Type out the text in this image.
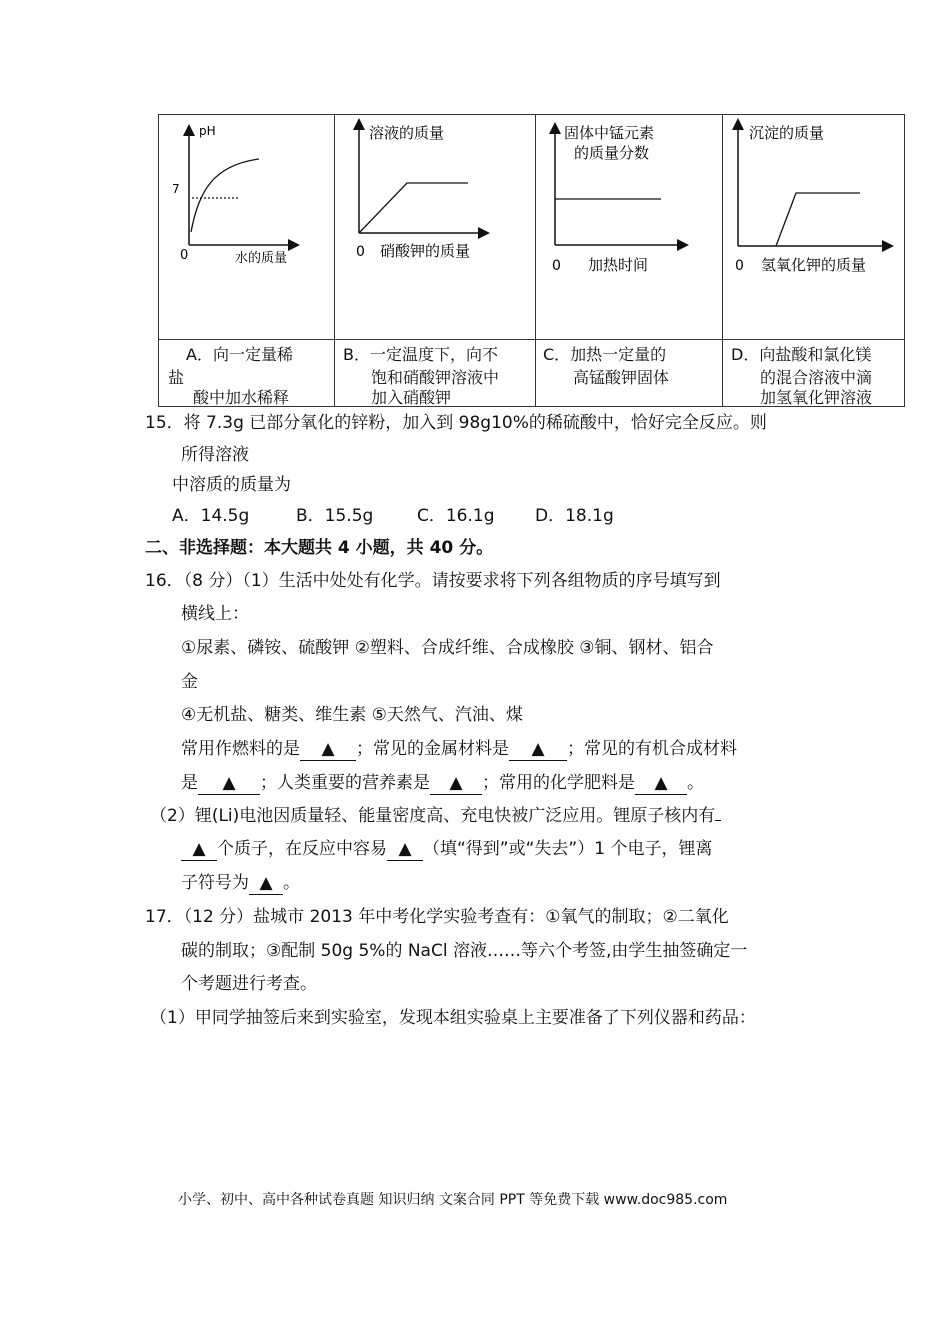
pH
7
0	水的质量
溶液的质量
0 硝酸钾的质量
固体中锰元素
的质量分数
0 加热时间
沉淀的质量
0 氢氧化钾的质量
A．向一定量稀
盐
酸中加水稀释
B．一定温度下，向不
饱和硝酸钾溶液中
加入硝酸钾
C．加热一定量的
高锰酸钾固体
D．向盐酸和氯化镁
的混合溶液中滴
加氢氧化钾溶液
15．将 7.3g 已部分氧化的锌粉，加入到 98g10%的稀硫酸中，恰好完全反应。则
所得溶液
中溶质的质量为
A．14.5g	B．15.5g	C．16.1g D．18.1g
二、非选择题：本大题共 4 小题，共 40 分。
16．（8 分）（1）生活中处处有化学。请按要求将下列各组物质的序号填写到
横线上：
①尿素、磷铵、硫酸钾 ②塑料、合成纤维、合成橡胶 ③铜、钢材、铝合
金
④无机盐、糖类、维生素 ⑤天然气、汽油、煤
常用作燃料的是 ▲ ；常见的金属材料是 ▲ ；常见的有机合成材料
是 ▲ ；人类重要的营养素是 ▲ ；常用的化学肥料是 ▲ 。
（2）锂(Li)电池因质量轻、能量密度高、充电快被广泛应用。锂原子核内有
▲ 个质子，在反应中容易 ▲ （填“得到”或“失去”）1 个电子，锂离
子符号为 ▲ 。
17．（12 分）盐城市 2013 年中考化学实验考查有：①氧气的制取；②二氧化
碳的制取；③配制 50g 5%的 NaCl 溶液……等六个考签,由学生抽签确定一
个考题进行考查。
（1）甲同学抽签后来到实验室，发现本组实验桌上主要准备了下列仪器和药品：
小学、初中、高中各种试卷真题 知识归纳 文案合同 PPT 等免费下载 www.doc985.com
